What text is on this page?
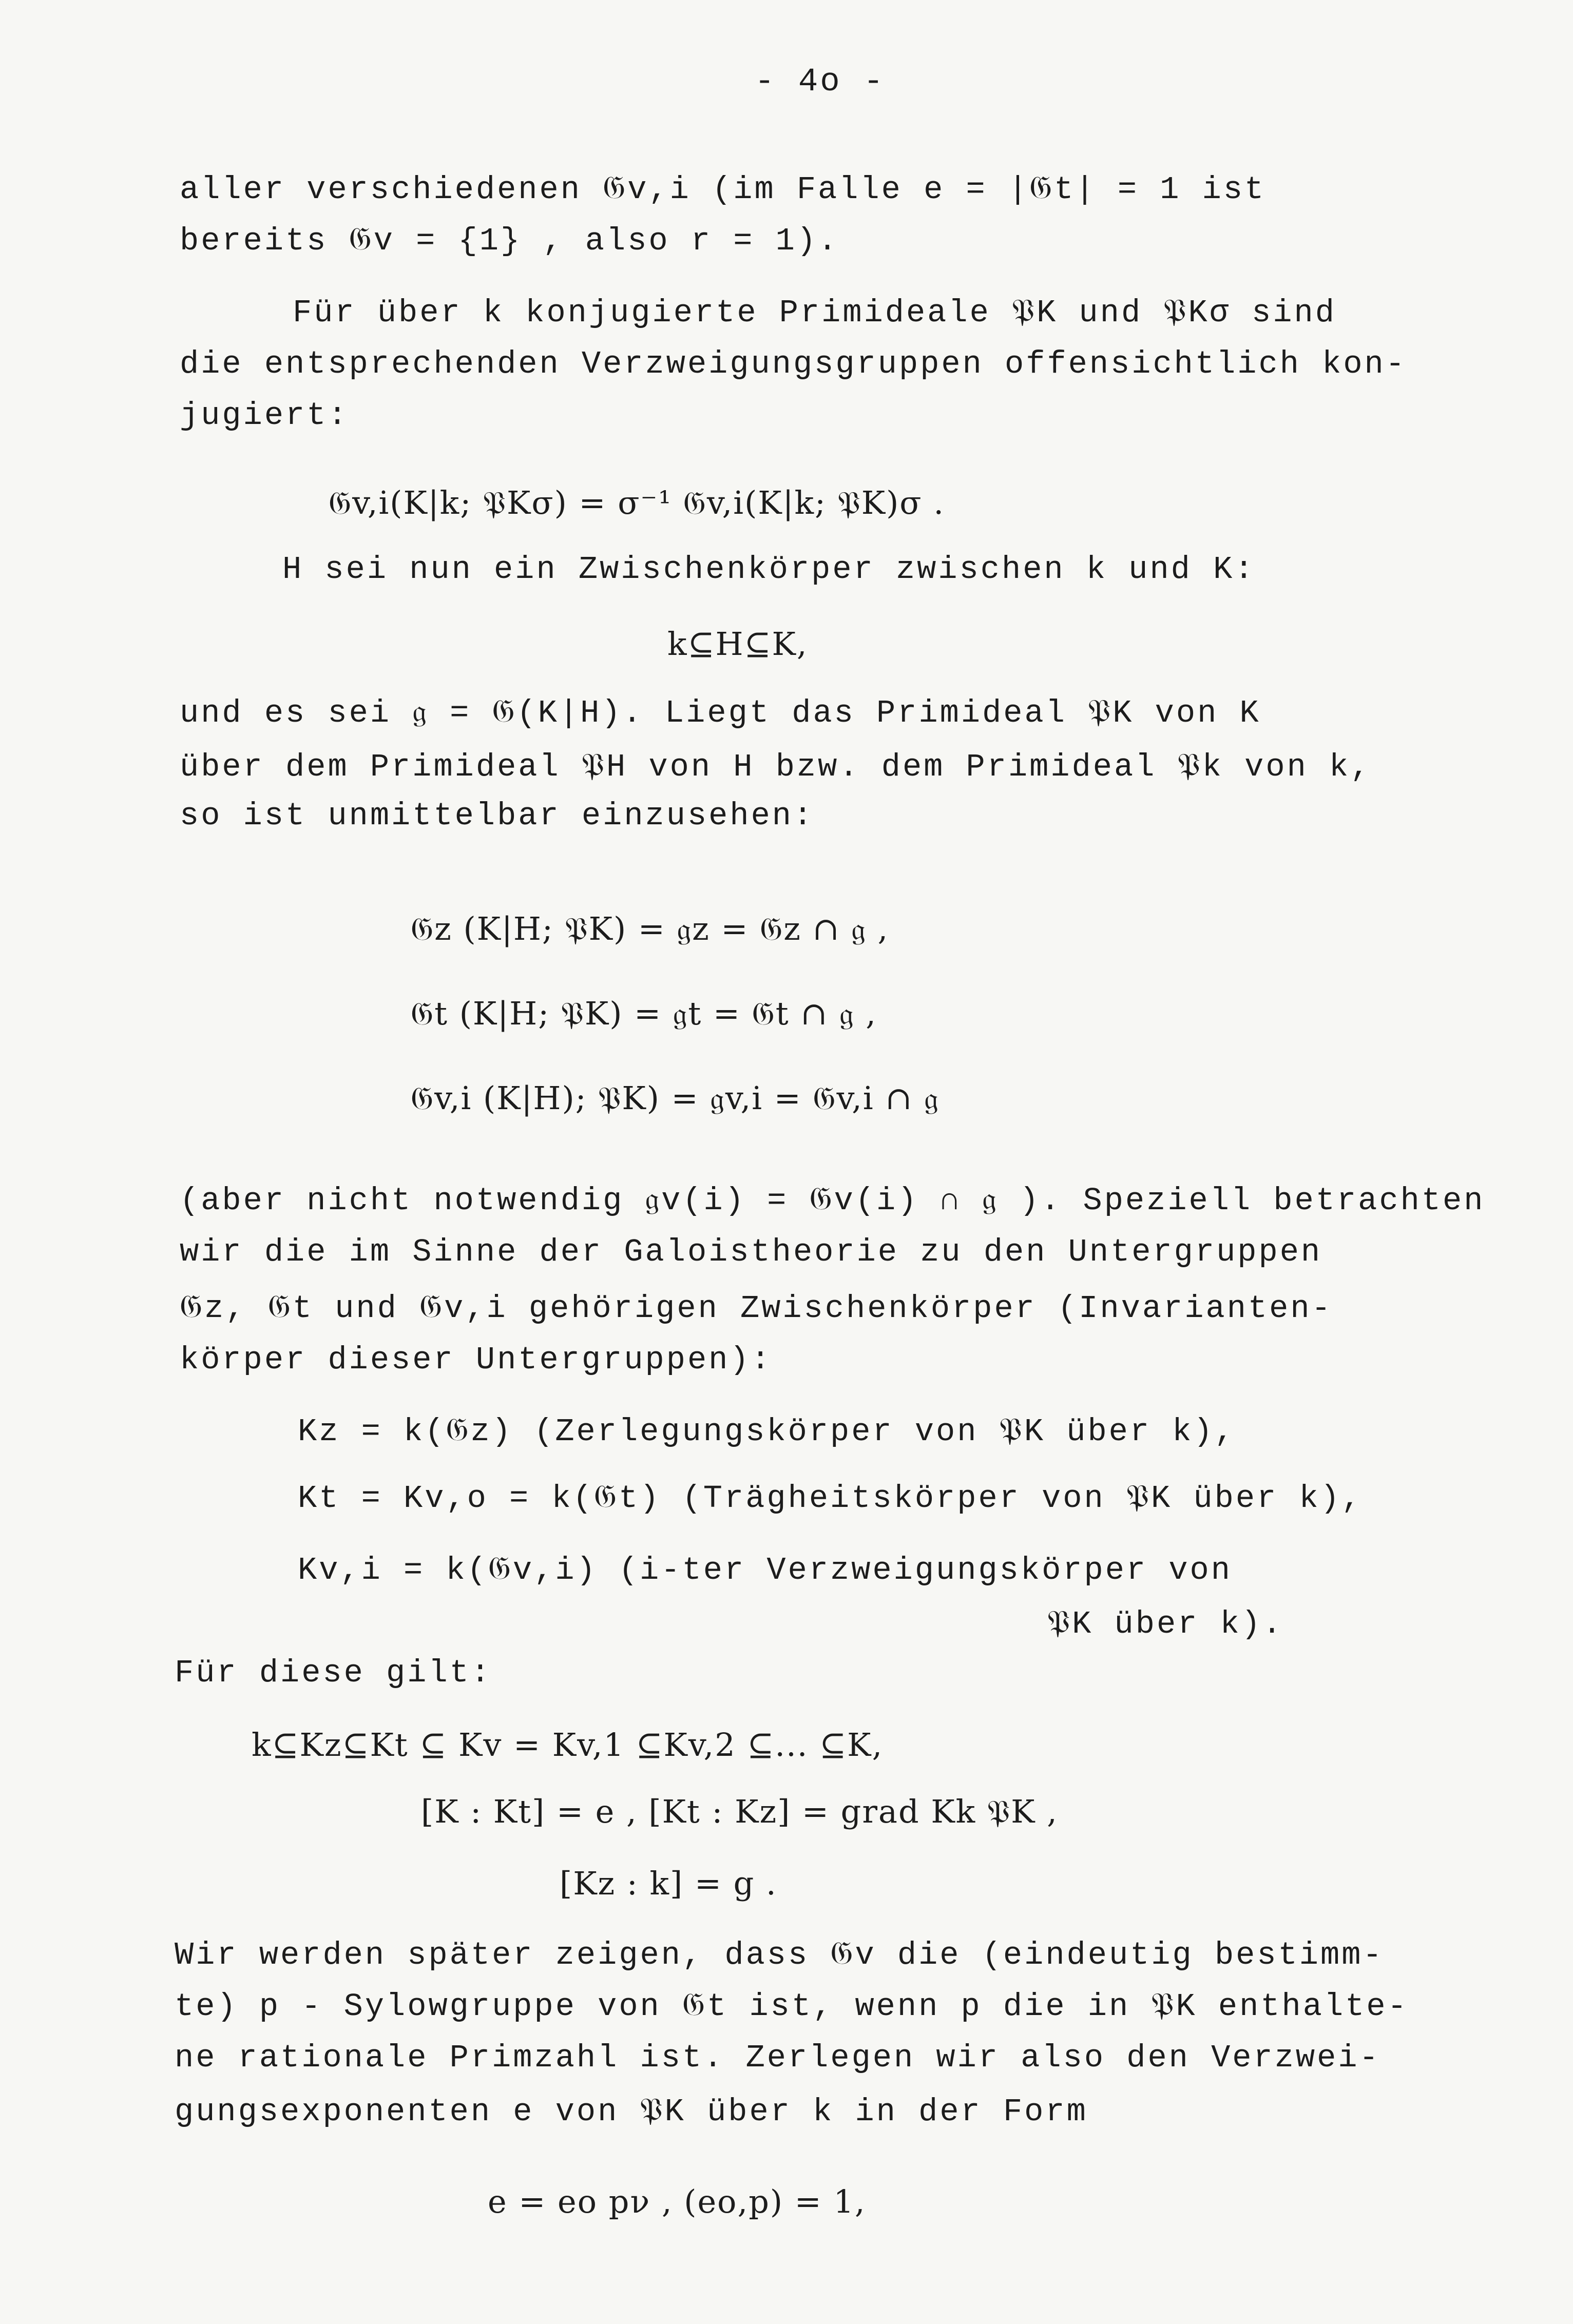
- 4o -
aller verschiedenen 𝔊v,i (im Falle e = |𝔊t| = 1 ist
bereits 𝔊v = {1} , also r = 1).
Für über k konjugierte Primideale 𝔓K und 𝔓Kσ sind
die entsprechenden Verzweigungsgruppen offensichtlich kon-
jugiert:
𝔊v,i(K|k; 𝔓Kσ) = σ⁻¹ 𝔊v,i(K|k; 𝔓K)σ .
H sei nun ein Zwischenkörper zwischen k und K:
k⊆H⊆K,
und es sei 𝔤 = 𝔊(K|H). Liegt das Primideal 𝔓K von K
über dem Primideal 𝔓H von H bzw. dem Primideal 𝔓k von k,
so ist unmittelbar einzusehen:
𝔊z (K|H; 𝔓K) = 𝔤z = 𝔊z ∩ 𝔤 ,
𝔊t (K|H; 𝔓K) = 𝔤t = 𝔊t ∩ 𝔤 ,
𝔊v,i (K|H); 𝔓K) = 𝔤v,i = 𝔊v,i ∩ 𝔤
(aber nicht notwendig 𝔤v(i) = 𝔊v(i) ∩ 𝔤 ). Speziell betrachten
wir die im Sinne der Galoistheorie zu den Untergruppen
𝔊z, 𝔊t und 𝔊v,i gehörigen Zwischenkörper (Invarianten-
körper dieser Untergruppen):
Kz = k(𝔊z) (Zerlegungskörper von 𝔓K über k),
Kt = Kv,o = k(𝔊t) (Trägheitskörper von 𝔓K über k),
Kv,i = k(𝔊v,i) (i-ter Verzweigungskörper von
𝔓K über k).
Für diese gilt:
k⊆Kz⊆Kt ⊆ Kv = Kv,1 ⊆Kv,2 ⊆... ⊆K,
[K : Kt] = e , [Kt : Kz] = grad Kk 𝔓K ,
[Kz : k] = g .
Wir werden später zeigen, dass 𝔊v die (eindeutig bestimm-
te) p - Sylowgruppe von 𝔊t ist, wenn p die in 𝔓K enthalte-
ne rationale Primzahl ist. Zerlegen wir also den Verzwei-
gungsexponenten e von 𝔓K über k in der Form
e = eo pν , (eo,p) = 1,
